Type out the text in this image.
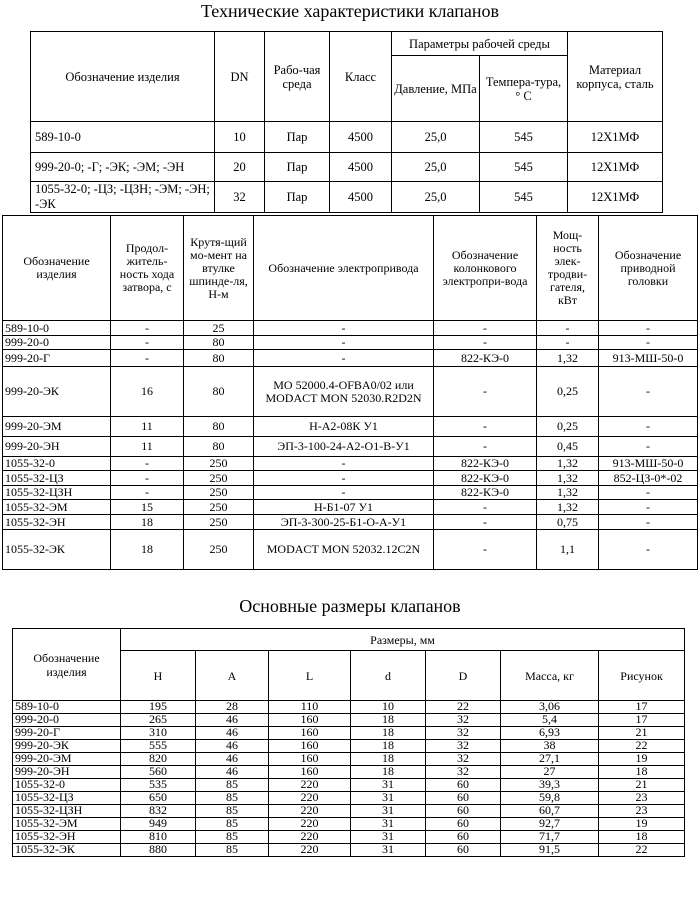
Технические характеристики клапанов
Обозначение изделия	DN	Рабо-чая среда	Класс	Параметры рабочей среды		Материал корпуса, сталь
				Давление, МПа	Темпера-тура, ° С	
589-10-0	10	Пар	4500	25,0	545	12Х1МФ
999-20-0; -Г; -ЭК; -ЭМ; -ЭН	20	Пар	4500	25,0	545	12Х1МФ
1055-32-0; -ЦЗ; -ЦЗН; -ЭМ; -ЭН; -ЭК	32	Пар	4500	25,0	545	12Х1МФ
Обозначение изделия	Продол-житель-ность хода затвора, с	Крутя-щий мо-мент на втулке шпинде-ля, Н-м	Обозначение электропривода	Обозначение колонкового электропри-вода	Мощ-ность элек-тродви-гателя, кВт	Обозначение приводной головки
589-10-0	-	25	-	-	-	-
999-20-0	-	80	-	-	-	-
999-20-Г	-	80	-	822-КЭ-0	1,32	913-МШ-50-0
999-20-ЭК	16	80	МО 52000.4-OFBA0/02 или MODACT MON 52030.R2D2N	-	0,25	-
999-20-ЭМ	11	80	Н-А2-08К У1	-	0,25	-
999-20-ЭН	11	80	ЭП-3-100-24-А2-О1-В-У1	-	0,45	-
1055-32-0	-	250	-	822-КЭ-0	1,32	913-МШ-50-0
1055-32-ЦЗ	-	250	-	822-КЭ-0	1,32	852-ЦЗ-0*-02
1055-32-ЦЗН	-	250	-	822-КЭ-0	1,32	-
1055-32-ЭМ	15	250	Н-Б1-07 У1	-	1,32	-
1055-32-ЭН	18	250	ЭП-3-300-25-Б1-О-А-У1	-	0,75	-
1055-32-ЭК	18	250	MODACT MON 52032.12C2N	-	1,1	-
Основные размеры клапанов
Обозначение изделия	Размеры, мм						
	H	A	L	d	D	Масса, кг	Рисунок
589-10-0	195	28	110	10	22	3,06	17
999-20-0	265	46	160	18	32	5,4	17
999-20-Г	310	46	160	18	32	6,93	21
999-20-ЭК	555	46	160	18	32	38	22
999-20-ЭМ	820	46	160	18	32	27,1	19
999-20-ЭН	560	46	160	18	32	27	18
1055-32-0	535	85	220	31	60	39,3	21
1055-32-ЦЗ	650	85	220	31	60	59,8	23
1055-32-ЦЗН	832	85	220	31	60	60,7	23
1055-32-ЭМ	949	85	220	31	60	92,7	19
1055-32-ЭН	810	85	220	31	60	71,7	18
1055-32-ЭК	880	85	220	31	60	91,5	22
